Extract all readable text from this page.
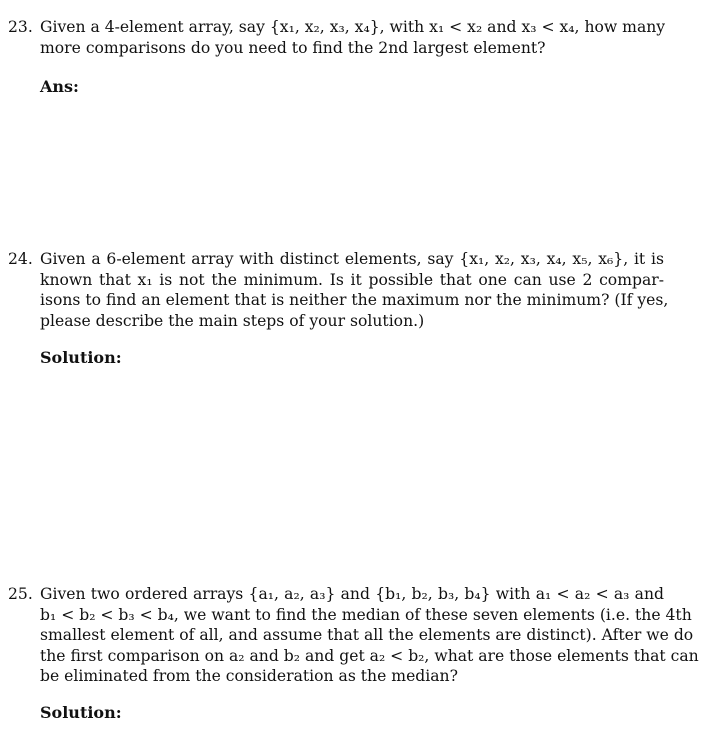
23. Given a 4-element array, say {x₁, x₂, x₃, x₄}, with x₁ < x₂ and x₃ < x₄, how many
more comparisons do you need to find the 2nd largest element?
Ans:
24. Given a 6-element array with distinct elements, say {x₁, x₂, x₃, x₄, x₅, x₆}, it is
known that x₁ is not the minimum. Is it possible that one can use 2 compar-
isons to find an element that is neither the maximum nor the minimum? (If yes,
please describe the main steps of your solution.)
Solution:
25. Given two ordered arrays {a₁, a₂, a₃} and {b₁, b₂, b₃, b₄} with a₁ < a₂ < a₃ and
b₁ < b₂ < b₃ < b₄, we want to find the median of these seven elements (i.e. the 4th
smallest element of all, and assume that all the elements are distinct). After we do
the first comparison on a₂ and b₂ and get a₂ < b₂, what are those elements that can
be eliminated from the consideration as the median?
Solution:
